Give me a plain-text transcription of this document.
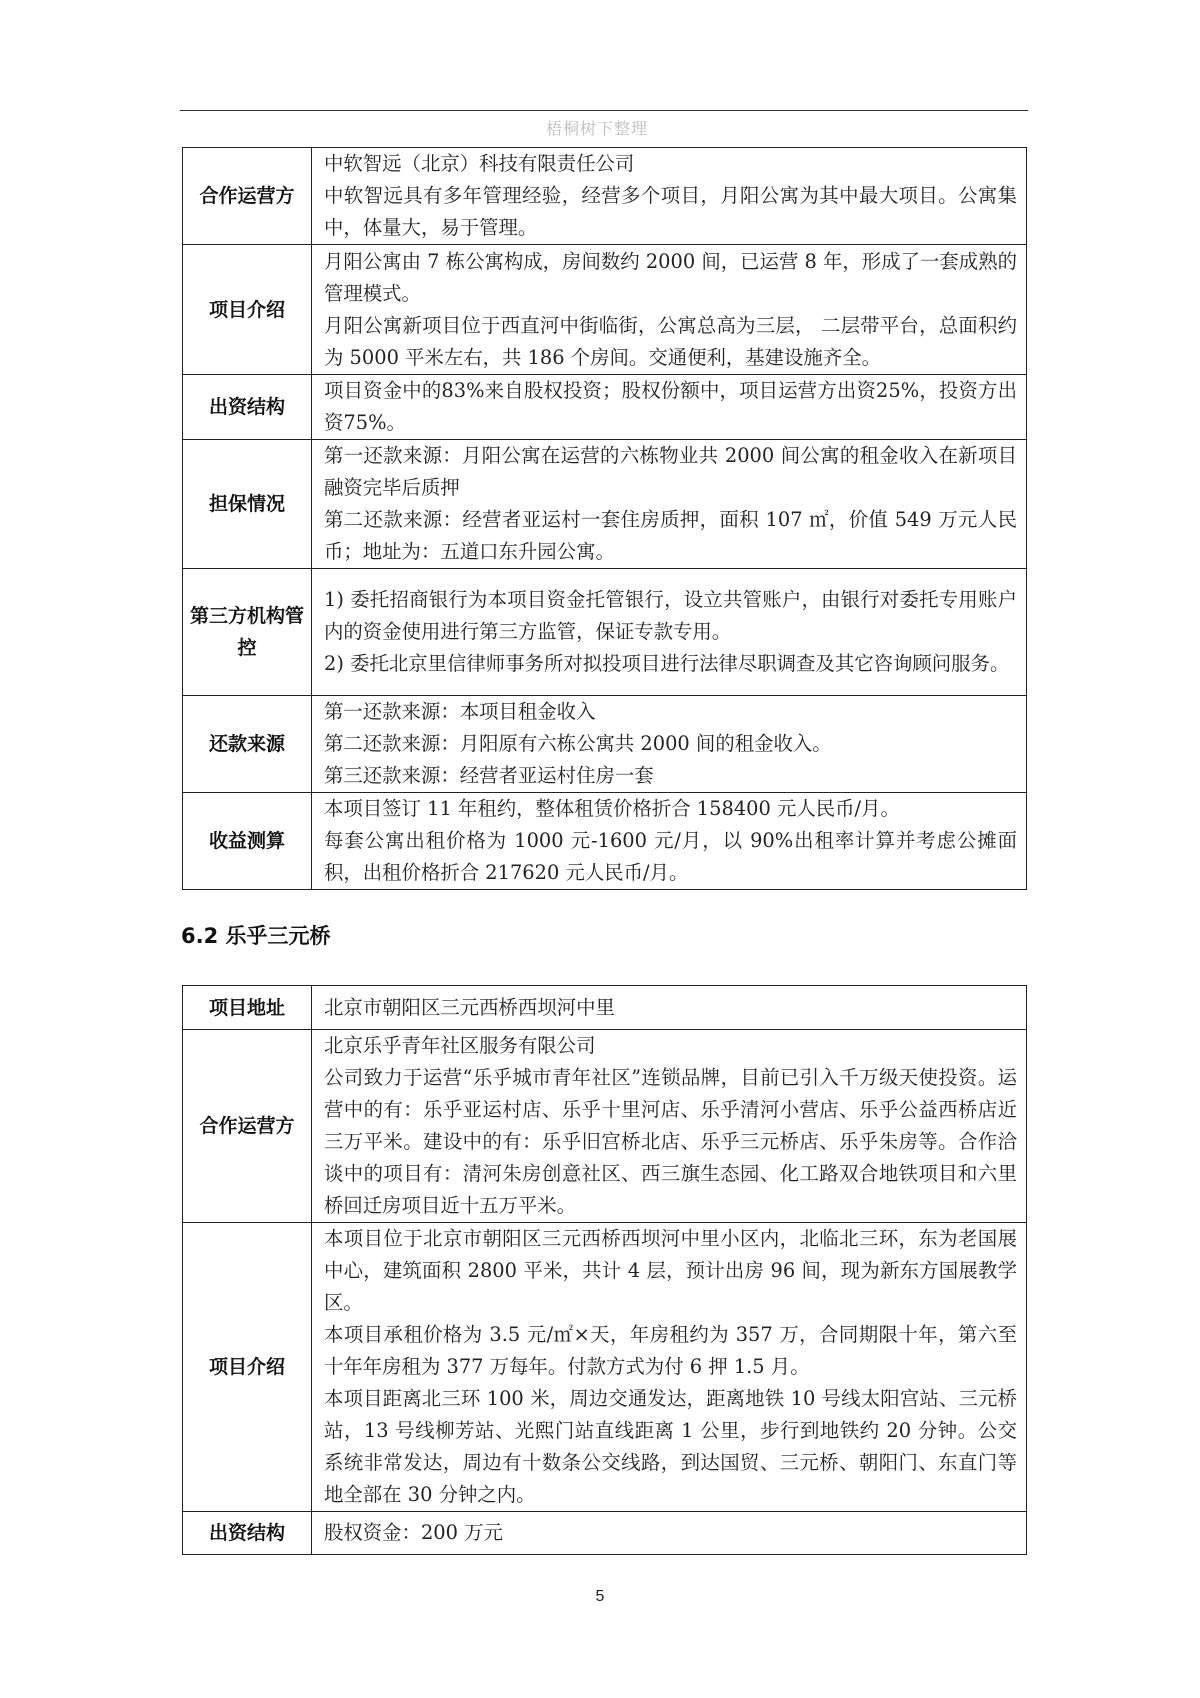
梧桐树下整理
合作运营方	中软智远（北京）科技有限责任公司

中软智远具有多年管理经验，经营多个项目，月阳公寓为其中最大项目。公寓集中，体量大，易于管理。

项目介绍	月阳公寓由 7 栋公寓构成，房间数约 2000 间，已运营 8 年，形成了一套成熟的管理模式。

月阳公寓新项目位于西直河中街临街，公寓总高为三层， 二层带平台，总面积约为 5000 平米左右，共 186 个房间。交通便利，基建设施齐全。

出资结构	项目资金中的83%来自股权投资；股权份额中，项目运营方出资25%，投资方出资75%。

担保情况	第一还款来源：月阳公寓在运营的六栋物业共 2000 间公寓的租金收入在新项目融资完毕后质押

第二还款来源：经营者亚运村一套住房质押，面积 107 ㎡，价值 549 万元人民币；地址为：五道口东升园公寓。

第三方机构管控	1) 委托招商银行为本项目资金托管银行，设立共管账户，由银行对委托专用账户内的资金使用进行第三方监管，保证专款专用。

2) 委托北京里信律师事务所对拟投项目进行法律尽职调查及其它咨询顾问服务。

还款来源	第一还款来源：本项目租金收入

第二还款来源：月阳原有六栋公寓共 2000 间的租金收入。

第三还款来源：经营者亚运村住房一套

收益测算	本项目签订 11 年租约，整体租赁价格折合 158400 元人民币/月。

每套公寓出租价格为 1000 元-1600 元/月，以 90%出租率计算并考虑公摊面积，出租价格折合 217620 元人民币/月。

6.2 乐乎三元桥
项目地址	北京市朝阳区三元西桥西坝河中里

合作运营方	北京乐乎青年社区服务有限公司

公司致力于运营“乐乎城市青年社区”连锁品牌，目前已引入千万级天使投资。运营中的有：乐乎亚运村店、乐乎十里河店、乐乎清河小营店、乐乎公益西桥店近三万平米。建设中的有：乐乎旧宫桥北店、乐乎三元桥店、乐乎朱房等。合作洽谈中的项目有：清河朱房创意社区、西三旗生态园、化工路双合地铁项目和六里桥回迁房项目近十五万平米。

项目介绍	本项目位于北京市朝阳区三元西桥西坝河中里小区内，北临北三环，东为老国展中心，建筑面积 2800 平米，共计 4 层，预计出房 96 间，现为新东方国展教学区。

本项目承租价格为 3.5 元/㎡×天，年房租约为 357 万，合同期限十年，第六至十年年房租为 377 万每年。付款方式为付 6 押 1.5 月。

本项目距离北三环 100 米，周边交通发达，距离地铁 10 号线太阳宫站、三元桥站，13 号线柳芳站、光熙门站直线距离 1 公里，步行到地铁约 20 分钟。公交系统非常发达，周边有十数条公交线路，到达国贸、三元桥、朝阳门、东直门等地全部在 30 分钟之内。

出资结构	股权资金：200 万元

5
